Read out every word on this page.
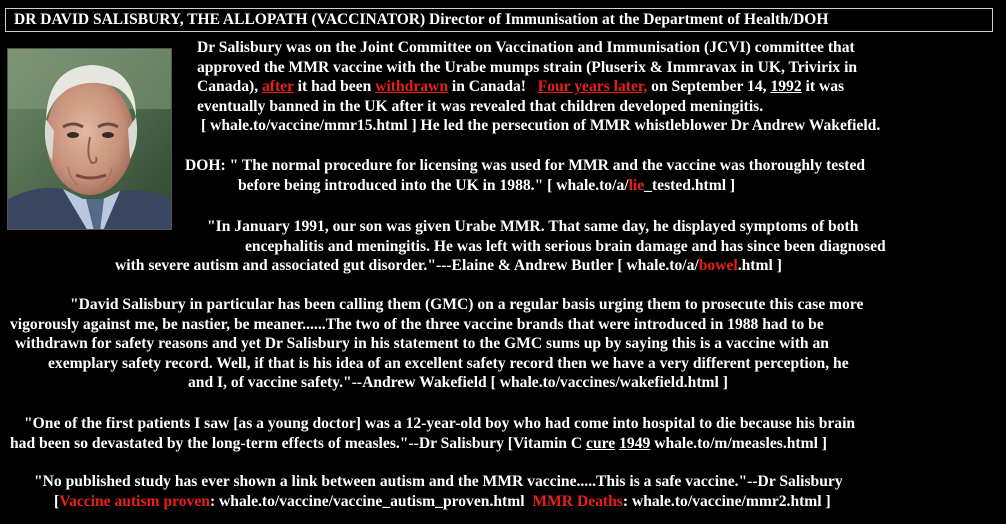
DR DAVID SALISBURY, THE ALLOPATH (VACCINATOR) Director of Immunisation at the Department of Health/DOH

Dr Salisbury was on the Joint Committee on Vaccination and Immunisation (JCVI) committee that
approved the MMR vaccine with the Urabe mumps strain (Pluserix & Immravax in UK, Trivirix in
Canada), after it had been withdrawn in Canada!   Four years later, on September 14, 1992 it was
eventually banned in the UK after it was revealed that children developed meningitis.
[ whale.to/vaccine/mmr15.html ] He led the persecution of MMR whistleblower Dr Andrew Wakefield.

DOH: " The normal procedure for licensing was used for MMR and the vaccine was thoroughly tested
before being introduced into the UK in 1988." [ whale.to/a/lie_tested.html ]

"In January 1991, our son was given Urabe MMR. That same day, he displayed symptoms of both
encephalitis and meningitis. He was left with serious brain damage and has since been diagnosed
with severe autism and associated gut disorder."---Elaine & Andrew Butler [ whale.to/a/bowel.html ]

"David Salisbury in particular has been calling them (GMC) on a regular basis urging them to prosecute this case more
vigorously against me, be nastier, be meaner......The two of the three vaccine brands that were introduced in 1988 had to be
withdrawn for safety reasons and yet Dr Salisbury in his statement to the GMC sums up by saying this is a vaccine with an
exemplary safety record. Well, if that is his idea of an excellent safety record then we have a very different perception, he
and I, of vaccine safety."--Andrew Wakefield [ whale.to/vaccines/wakefield.html ]

"One of the first patients I saw [as a young doctor] was a 12-year-old boy who had come into hospital to die because his brain
had been so devastated by the long-term effects of measles."--Dr Salisbury [Vitamin C cure 1949 whale.to/m/measles.html ]

"No published study has ever shown a link between autism and the MMR vaccine.....This is a safe vaccine."--Dr Salisbury
[Vaccine autism proven: whale.to/vaccine/vaccine_autism_proven.html  MMR Deaths: whale.to/vaccine/mmr2.html ]
